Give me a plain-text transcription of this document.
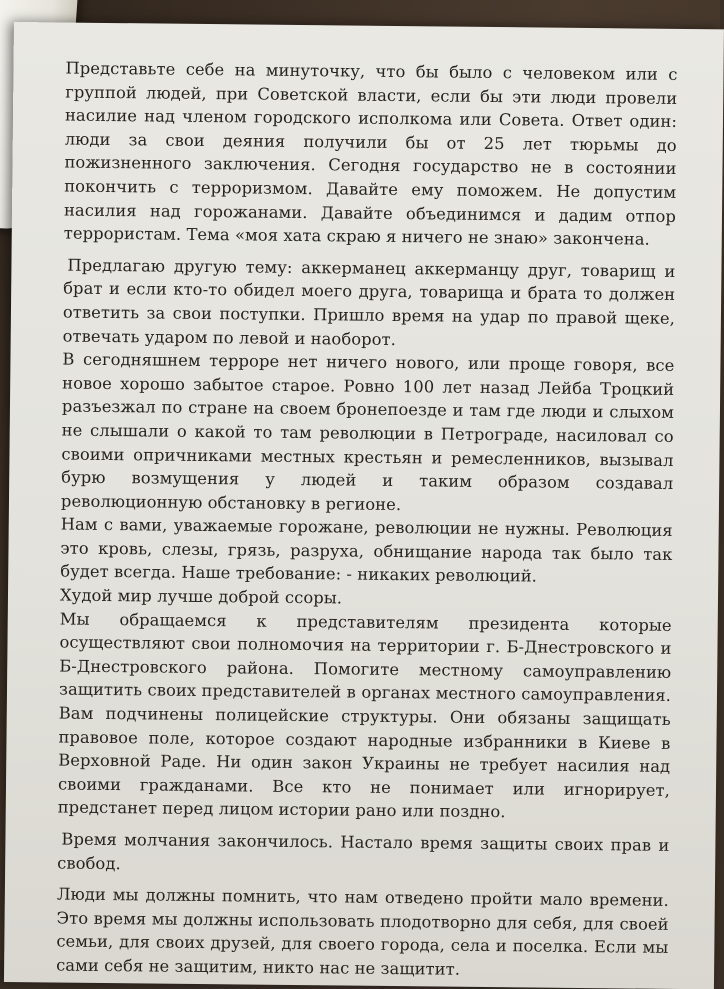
Представьте себе на минуточку, что бы было с человеком или с группой людей, при Советской власти, если бы эти люди провели насилие над членом городского исполкома или Совета. Ответ один: люди за свои деяния получили бы от 25 лет тюрьмы до пожизненного заключения. Сегодня государство не в состоянии покончить с терроризмом. Давайте ему поможем. Не допустим насилия над горожанами. Давайте объединимся и дадим отпор террористам. Тема «моя хата скраю я ничего не знаю» закончена.

Предлагаю другую тему: аккерманец аккерманцу друг, товарищ и брат и если кто-то обидел моего друга, товарища и брата то должен ответить за свои поступки. Пришло время на удар по правой щеке, отвечать ударом по левой и наоборот.

В сегодняшнем терроре нет ничего нового, или проще говоря, все новое хорошо забытое старое. Ровно 100 лет назад Лейба Троцкий разъезжал по стране на своем бронепоезде и там где люди и слыхом не слышали о какой то там революции в Петрограде, насиловал со своими опричниками местных крестьян и ремесленников, вызывал бурю возмущения у людей и таким образом создавал революционную обстановку в регионе.

Нам с вами, уважаемые горожане, революции не нужны. Революция это кровь, слезы, грязь, разруха, обнищание народа так было так будет всегда. Наше требование: - никаких революций.

Худой мир лучше доброй ссоры.

Мы обращаемся к представителям президента которые осуществляют свои полномочия на территории г. Б-Днестровского и Б-Днестровского района. Помогите местному самоуправлению защитить своих представителей в органах местного самоуправления. Вам подчинены полицейские структуры. Они обязаны защищать правовое поле, которое создают народные избранники в Киеве в Верховной Раде. Ни один закон Украины не требует насилия над своими гражданами. Все кто не понимает или игнорирует, предстанет перед лицом истории рано или поздно.

Время молчания закончилось. Настало время защиты своих прав и свобод.

Люди мы должны помнить, что нам отведено пройти мало времени. Это время мы должны использовать плодотворно для себя, для своей семьи, для своих друзей, для своего города, села и поселка. Если мы сами себя не защитим, никто нас не защитит.
